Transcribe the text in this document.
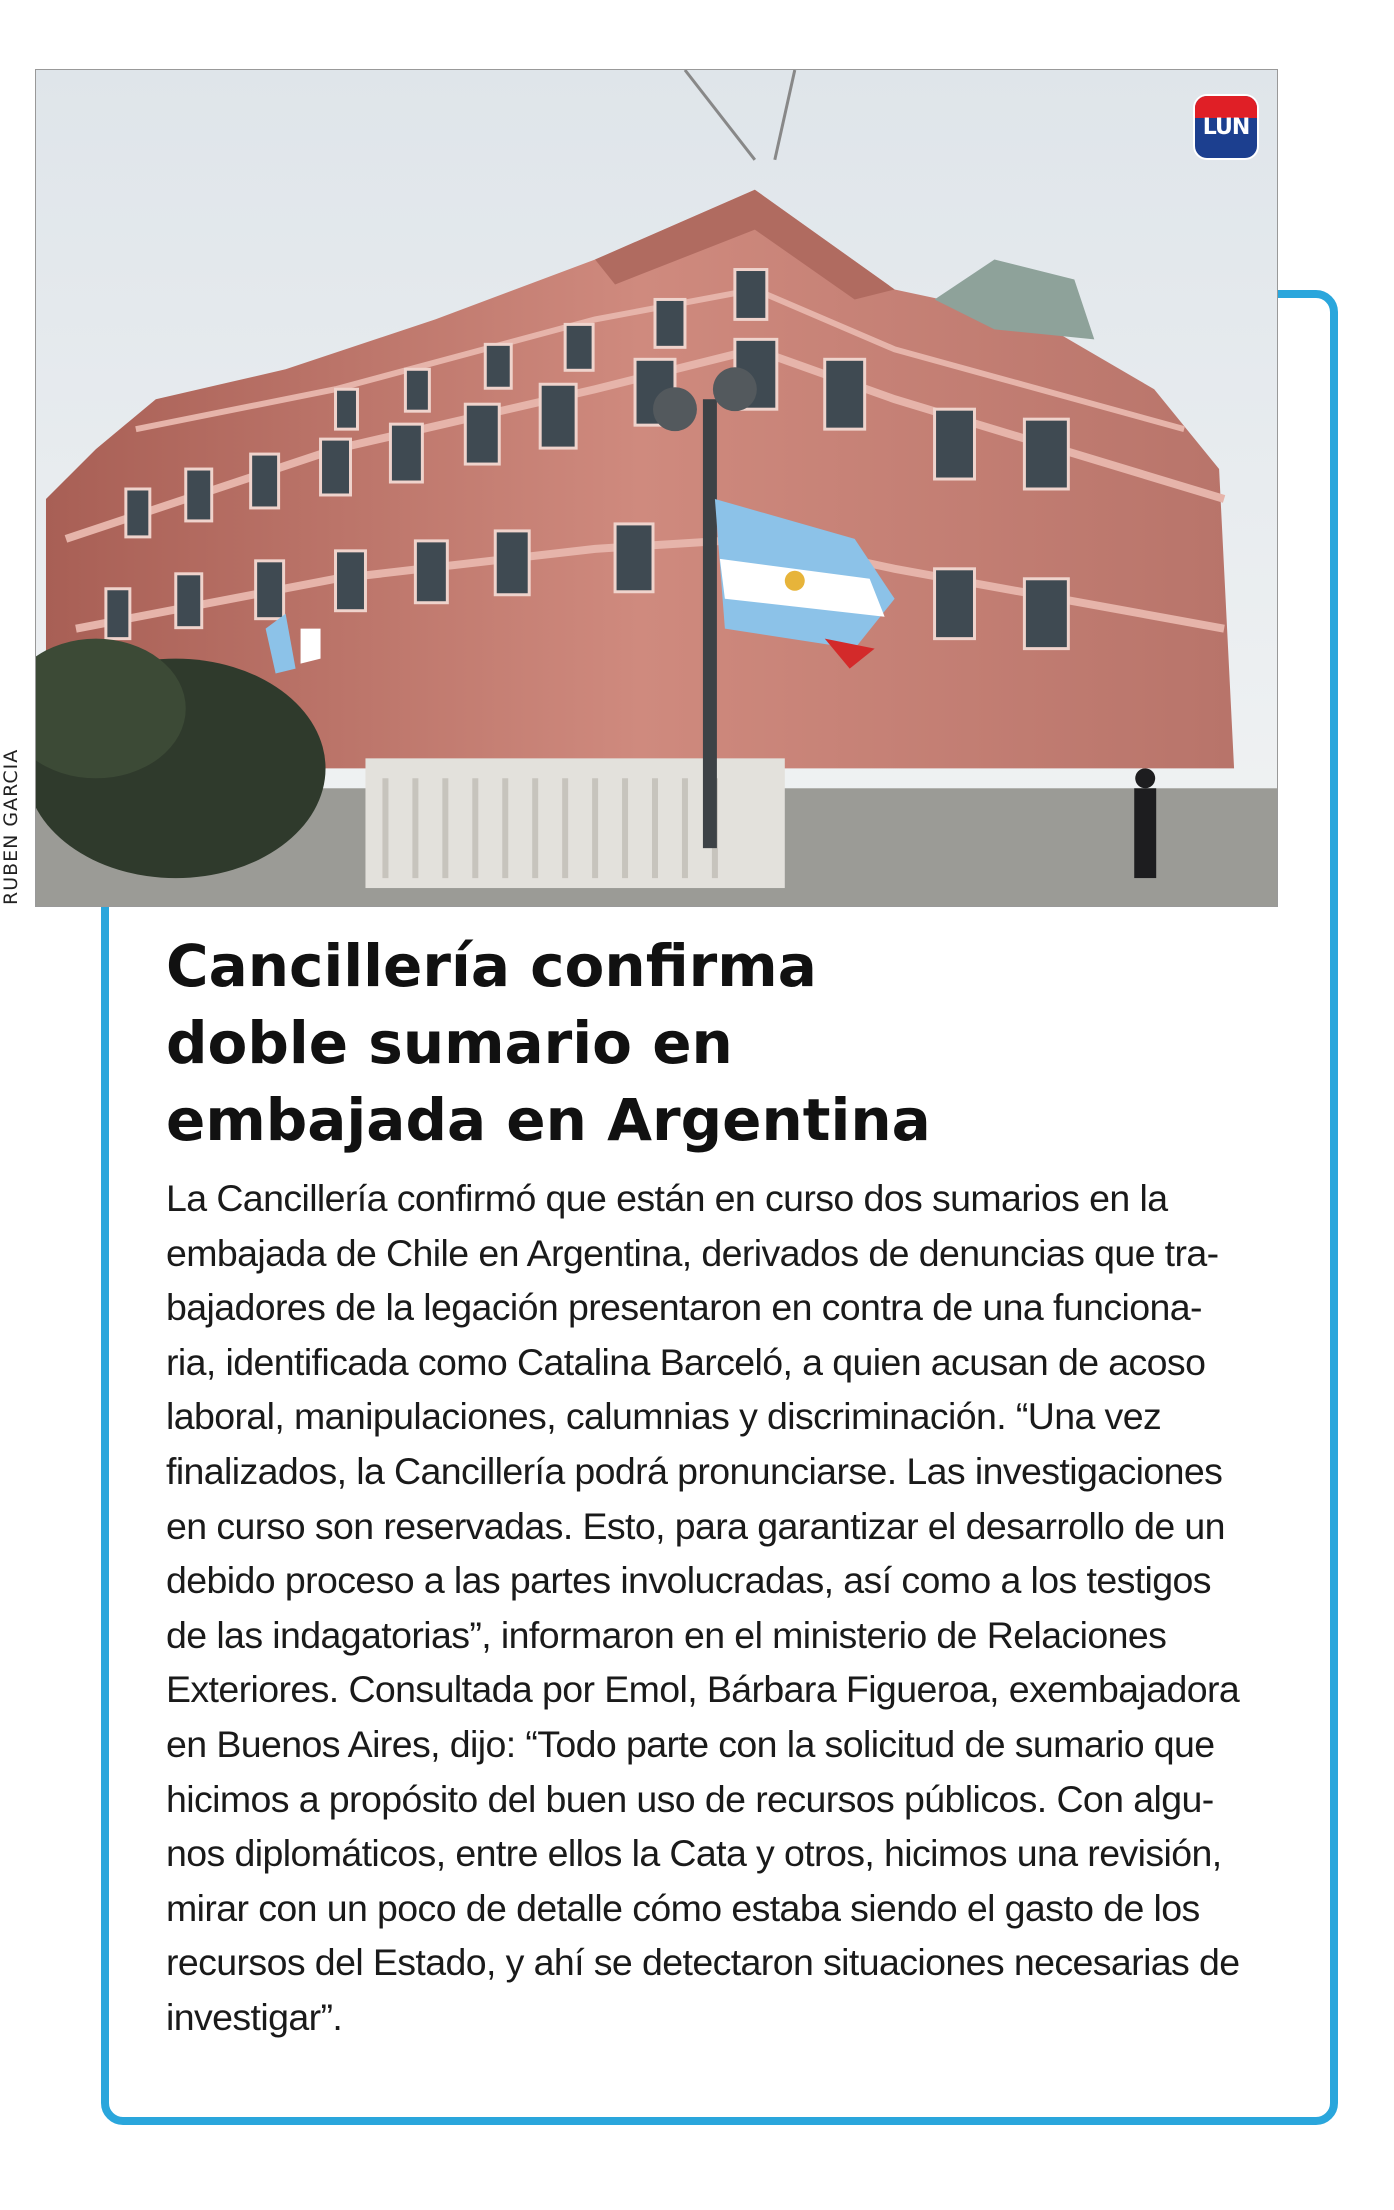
LUN
RUBEN GARCIA
Cancillería confirma
doble sumario en
embajada en Argentina
La Cancillería confirmó que están en curso dos sumarios en la
embajada de Chile en Argentina, derivados de denuncias que tra-
bajadores de la legación presentaron en contra de una funciona-
ria, identificada como Catalina Barceló, a quien acusan de acoso
laboral, manipulaciones, calumnias y discriminación. “Una vez
finalizados, la Cancillería podrá pronunciarse. Las investigaciones
en curso son reservadas. Esto, para garantizar el desarrollo de un
debido proceso a las partes involucradas, así como a los testigos
de las indagatorias”, informaron en el ministerio de Relaciones
Exteriores. Consultada por Emol, Bárbara Figueroa, exembajadora
en Buenos Aires, dijo: “Todo parte con la solicitud de sumario que
hicimos a propósito del buen uso de recursos públicos. Con algu-
nos diplomáticos, entre ellos la Cata y otros, hicimos una revisión,
mirar con un poco de detalle cómo estaba siendo el gasto de los
recursos del Estado, y ahí se detectaron situaciones necesarias de
investigar”.
